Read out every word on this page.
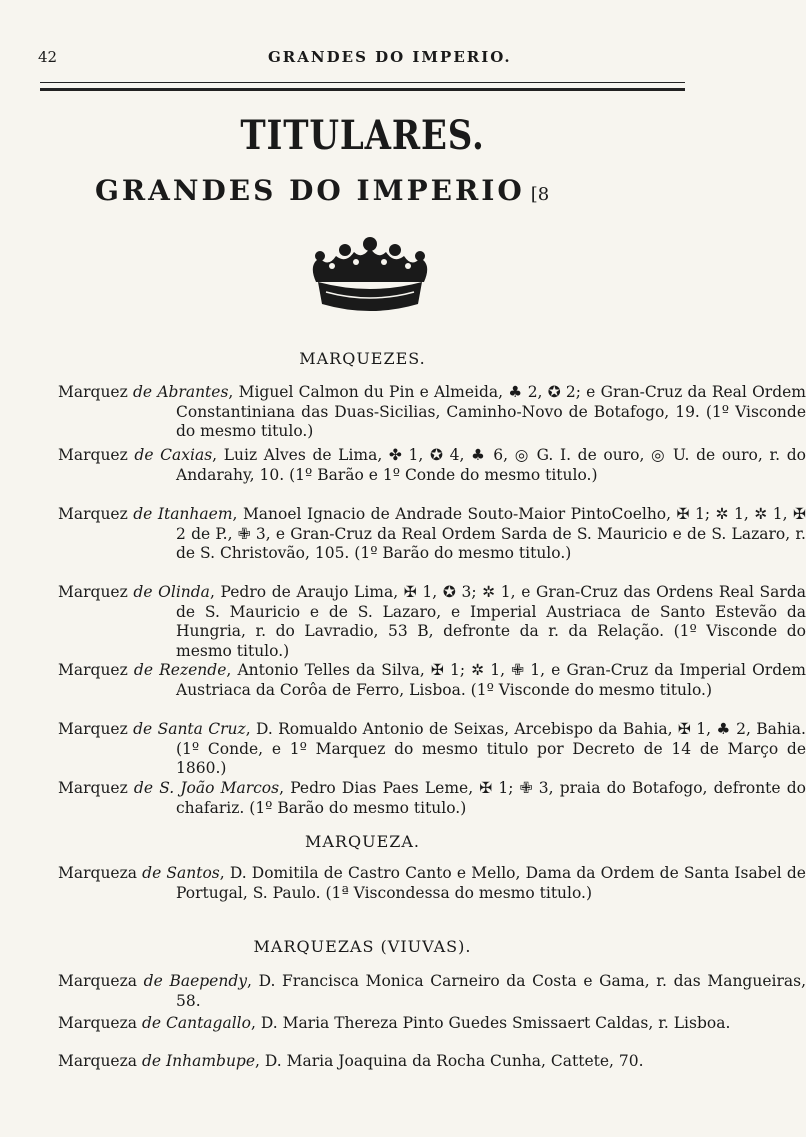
42	GRANDES DO IMPERIO.
TITULARES.
GRANDES DO IMPERIO [8
MARQUEZES.
Marquez de Abrantes, Miguel Calmon du Pin e Almeida, ♣ 2, ✪ 2; e Gran-Cruz da Real Ordem Constantiniana das Duas-Sicilias, Caminho-Novo de Botafogo, 19. (1º Visconde do mesmo titulo.)
Marquez de Caxias, Luiz Alves de Lima, ✤ 1, ✪ 4, ♣ 6, ◎ G. I. de ouro, ◎ U. de ouro, r. do Andarahy, 10. (1º Barão e 1º Conde do mesmo titulo.)
Marquez de Itanhaem, Manoel Ignacio de Andrade Souto-Maior PintoCoelho, ✠ 1; ✲ 1, ✲ 1, ✠ 2 de P., ✙ 3, e Gran-Cruz da Real Ordem Sarda de S. Mauricio e de S. Lazaro, r. de S. Christovão, 105. (1º Barão do mesmo titulo.)
Marquez de Olinda, Pedro de Araujo Lima, ✠ 1, ✪ 3; ✲ 1, e Gran-Cruz das Ordens Real Sarda de S. Mauricio e de S. Lazaro, e Imperial Austriaca de Santo Estevão da Hungria, r. do Lavradio, 53 B, defronte da r. da Relação. (1º Visconde do mesmo titulo.)
Marquez de Rezende, Antonio Telles da Silva, ✠ 1; ✲ 1, ✙ 1, e Gran-Cruz da Imperial Ordem Austriaca da Corôa de Ferro, Lisboa. (1º Visconde do mesmo titulo.)
Marquez de Santa Cruz, D. Romualdo Antonio de Seixas, Arcebispo da Bahia, ✠ 1, ♣ 2, Bahia. (1º Conde, e 1º Marquez do mesmo titulo por Decreto de 14 de Março de 1860.)
Marquez de S. João Marcos, Pedro Dias Paes Leme, ✠ 1; ✙ 3, praia do Botafogo, defronte do chafariz. (1º Barão do mesmo titulo.)
MARQUEZA.
Marqueza de Santos, D. Domitila de Castro Canto e Mello, Dama da Ordem de Santa Isabel de Portugal, S. Paulo. (1ª Viscondessa do mesmo titulo.)
MARQUEZAS (VIUVAS).
Marqueza de Baependy, D. Francisca Monica Carneiro da Costa e Gama, r. das Mangueiras, 58.
Marqueza de Cantagallo, D. Maria Thereza Pinto Guedes Smissaert Caldas, r. Lisboa.
Marqueza de Inhambupe, D. Maria Joaquina da Rocha Cunha, Cattete, 70.
